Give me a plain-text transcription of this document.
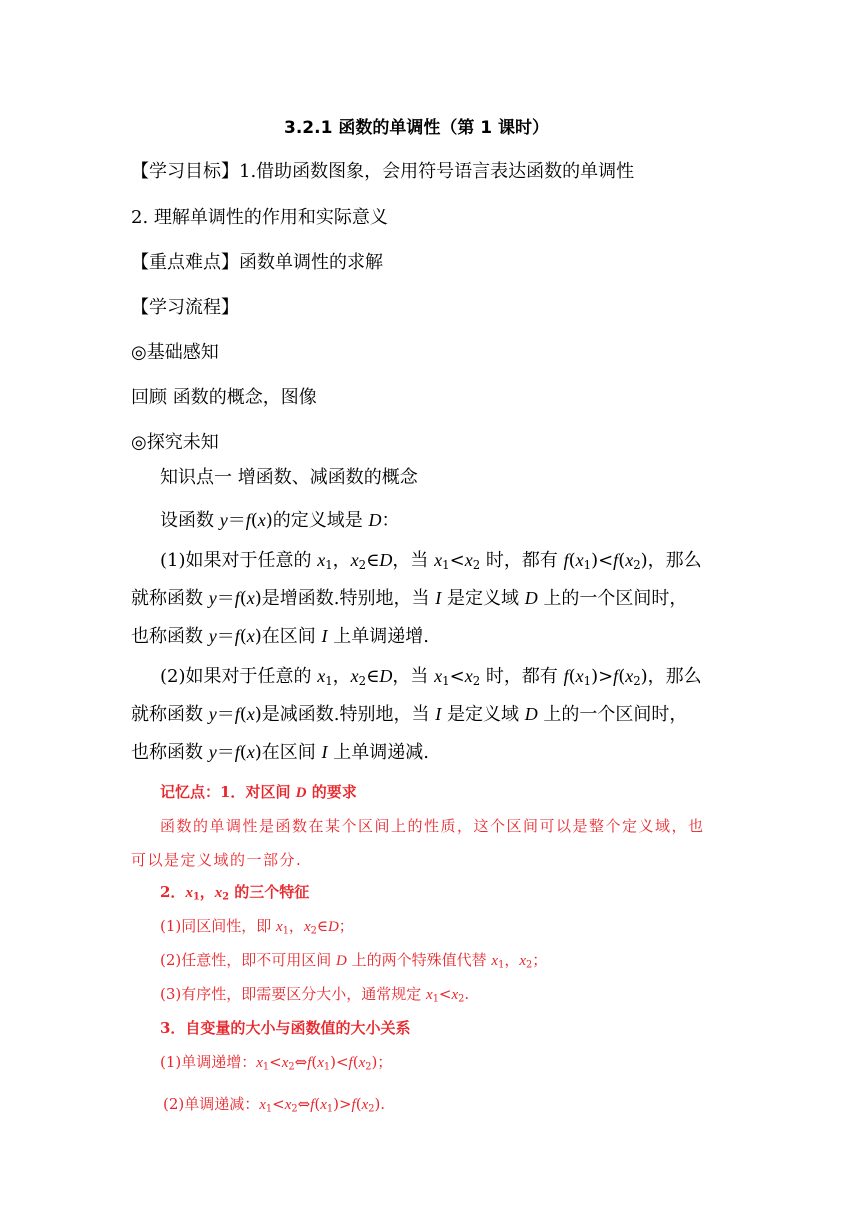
3.2.1 函数的单调性（第 1 课时）
【学习目标】1.借助函数图象，会用符号语言表达函数的单调性
2. 理解单调性的作用和实际意义
【重点难点】函数单调性的求解
【学习流程】
◎基础感知
回顾 函数的概念，图像
◎探究未知
知识点一 增函数、减函数的概念
设函数 y＝f(x)的定义域是 D：
(1)如果对于任意的 $x_1$，$x_2\in D$，当 $x_1<x_2$ 时，都有 $f(x_1)<f(x_2)$，那么
就称函数 y＝f(x)是增函数.特别地，当 I 是定义域 D 上的一个区间时，
也称函数 y＝f(x)在区间 I 上单调递增.
(2)如果对于任意的 $x_1$，$x_2\in D$，当 $x_1<x_2$ 时，都有 $f(x_1)>f(x_2)$，那么
就称函数 y＝f(x)是减函数.特别地，当 I 是定义域 D 上的一个区间时，
也称函数 y＝f(x)在区间 I 上单调递减.
记忆点：1．对区间 D 的要求
函数的单调性是函数在某个区间上的性质，这个区间可以是整个定义域，也
可以是定义域的一部分.
2．$x_1$，$x_2$ 的三个特征
(1)同区间性，即 $x_1$，$x_2\in D$；
(2)任意性，即不可用区间 D 上的两个特殊值代替 $x_1$，$x_2$；
(3)有序性，即需要区分大小，通常规定 $x_1<x_2$.
3．自变量的大小与函数值的大小关系
(1)单调递增：$x_1<x_2\Leftrightarrow f(x_1)<f(x_2)$；
(2)单调递减：$x_1<x_2\Leftrightarrow f(x_1)>f(x_2)$.
